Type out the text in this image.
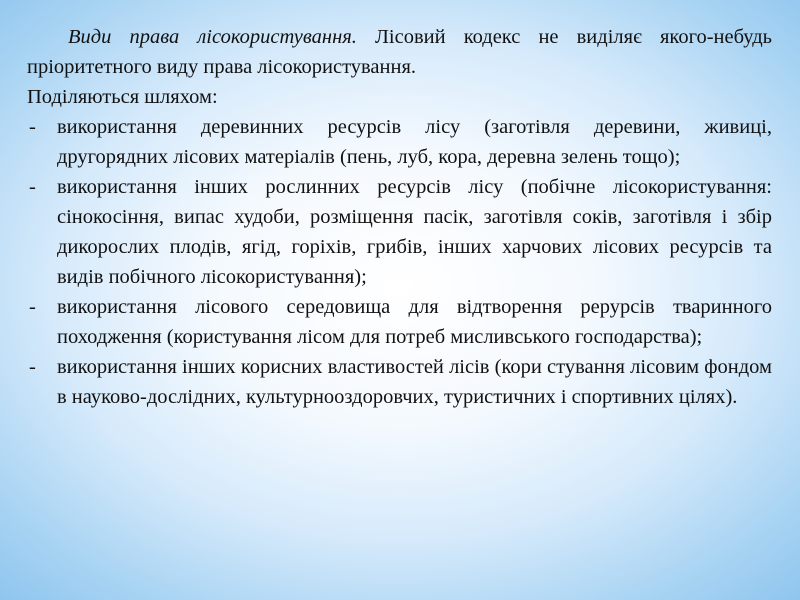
Види права лісокористування. Лісовий кодекс не виділяє якого-небудь пріоритетного виду права лісокористування.

Поділяються шляхом:

- використання деревинних ресурсів лісу (заготівля деревини, живиці, другорядних лісових матеріалів (пень, луб, кора, деревна зелень тощо);
- використання інших рослинних ресурсів лісу (побічне лісокористування: сінокосіння, випас худоби, розміщення пасік, заготівля соків, заготівля і збір дикорослих плодів, ягід, горіхів, грибів, інших харчових лісових ресурсів та видів побічного лісокористування);
- використання лісового середовища для відтворення рерурсів тваринного походження (користування лісом для потреб мисливського господарства);
- використання інших корисних властивостей лісів (кори стування лісовим фондом в науково-дослідних, культурнооздоровчих, туристичних і спортивних цілях).
